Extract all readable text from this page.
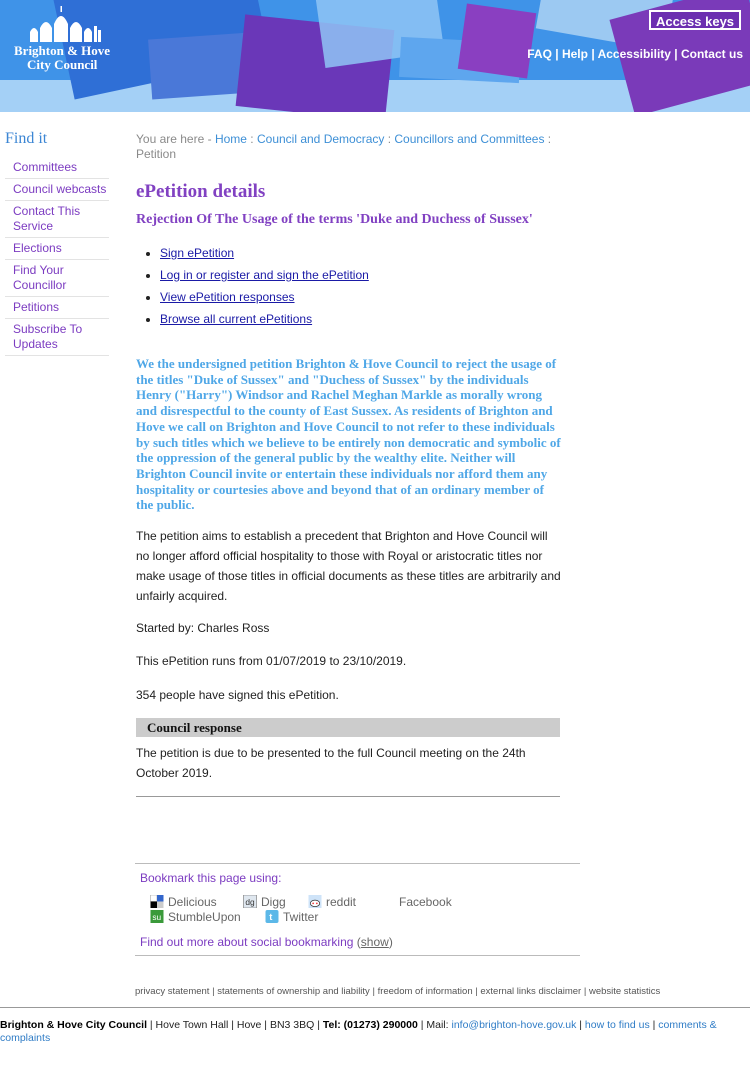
Brighton & Hove
City Council
Access keys
FAQ | Help | Accessibility | Contact us
Find it
Committees
Council webcasts
Contact This Service
Elections
Find Your Councillor
Petitions
Subscribe To Updates
You are here - Home : Council and Democracy : Councillors and Committees : Petition
ePetition details
Rejection Of The Usage of the terms 'Duke and Duchess of Sussex'
• Sign ePetition
• Log in or register and sign the ePetition
• View ePetition responses
• Browse all current ePetitions
We the undersigned petition Brighton & Hove Council to reject the usage of the titles "Duke of Sussex" and "Duchess of Sussex" by the individuals Henry ("Harry") Windsor and Rachel Meghan Markle as morally wrong and disrespectful to the county of East Sussex. As residents of Brighton and Hove we call on Brighton and Hove Council to not refer to these individuals by such titles which we believe to be entirely non democratic and symbolic of the oppression of the general public by the wealthy elite. Neither will Brighton Council invite or entertain these individuals nor afford them any hospitality or courtesies above and beyond that of an ordinary member of the public.
The petition aims to establish a precedent that Brighton and Hove Council will no longer afford official hospitality to those with Royal or aristocratic titles nor make usage of those titles in official documents as these titles are arbitrarily and unfairly acquired.
Started by: Charles Ross
This ePetition runs from 01/07/2019 to 23/10/2019.
354 people have signed this ePetition.
Council response
The petition is due to be presented to the full Council meeting on the 24th October 2019.
Bookmark this page using:
Delicious	dg Digg	reddit	Facebook
su StumbleUpon	t Twitter
Find out more about social bookmarking (show)
privacy statement | statements of ownership and liability | freedom of information | external links disclaimer | website statistics
Brighton & Hove City Council | Hove Town Hall | Hove | BN3 3BQ | Tel: (01273) 290000 | Mail: info@brighton-hove.gov.uk | how to find us | comments & complaints
